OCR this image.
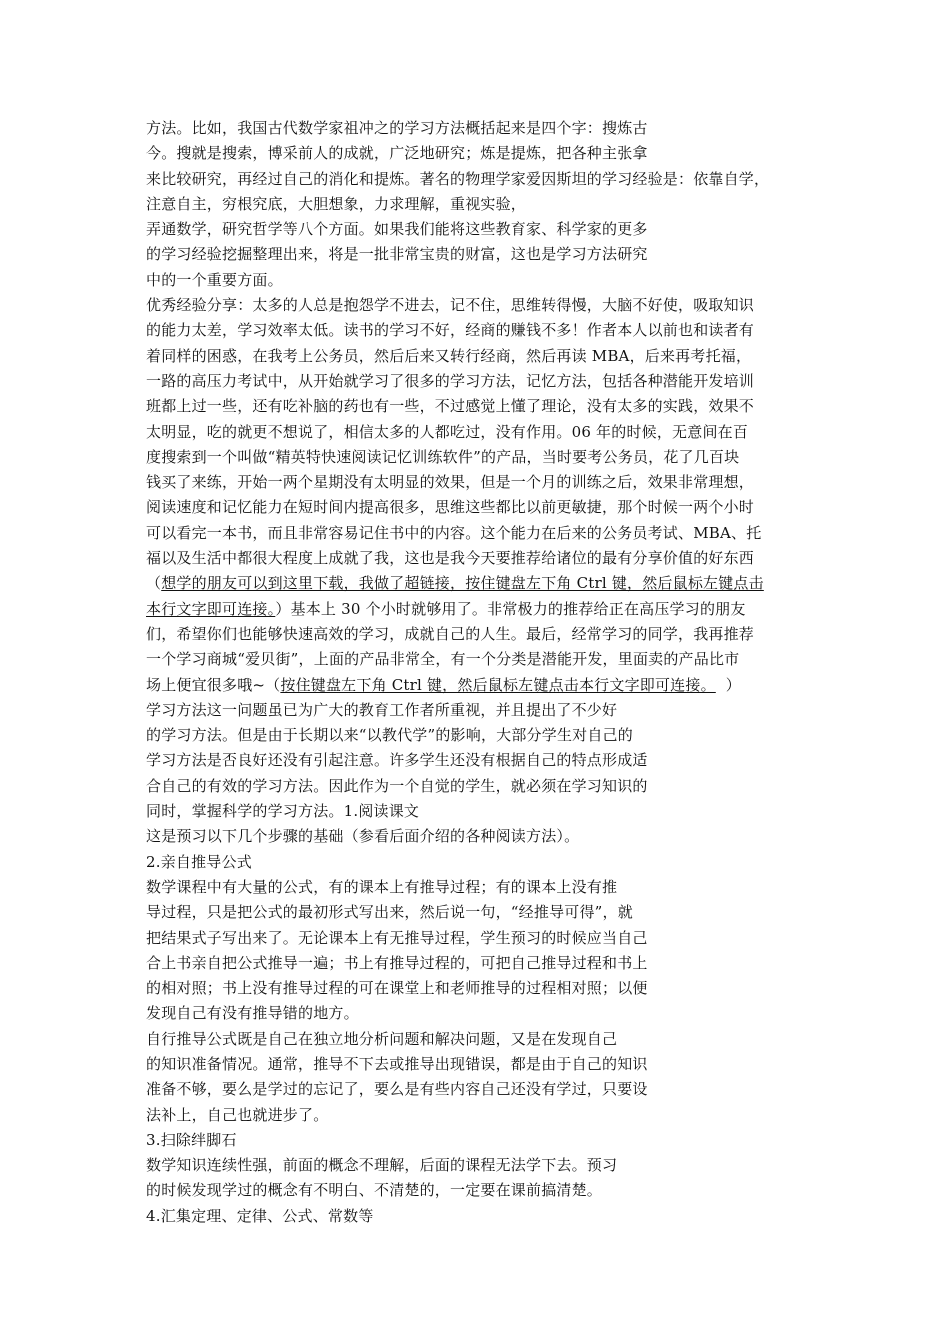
方法。比如，我国古代数学家祖冲之的学习方法概括起来是四个字：搜炼古
今。搜就是搜索，博采前人的成就，广泛地研究；炼是提炼，把各种主张拿
来比较研究，再经过自己的消化和提炼。著名的物理学家爱因斯坦的学习经验是：依靠自学，
注意自主，穷根究底，大胆想象，力求理解，重视实验，
弄通数学，研究哲学等八个方面。如果我们能将这些教育家、科学家的更多
的学习经验挖掘整理出来，将是一批非常宝贵的财富，这也是学习方法研究
中的一个重要方面。
优秀经验分享：太多的人总是抱怨学不进去，记不住，思维转得慢，大脑不好使，吸取知识
的能力太差，学习效率太低。读书的学习不好，经商的赚钱不多！作者本人以前也和读者有
着同样的困惑，在我考上公务员，然后后来又转行经商，然后再读 MBA，后来再考托福，
一路的高压力考试中，从开始就学习了很多的学习方法，记忆方法，包括各种潜能开发培训
班都上过一些，还有吃补脑的药也有一些，不过感觉上懂了理论，没有太多的实践，效果不
太明显，吃的就更不想说了，相信太多的人都吃过，没有作用。06 年的时候，无意间在百
度搜索到一个叫做“精英特快速阅读记忆训练软件”的产品，当时要考公务员，花了几百块
钱买了来练，开始一两个星期没有太明显的效果，但是一个月的训练之后，效果非常理想，
阅读速度和记忆能力在短时间内提高很多，思维这些都比以前更敏捷，那个时候一两个小时
可以看完一本书，而且非常容易记住书中的内容。这个能力在后来的公务员考试、MBA、托
福以及生活中都很大程度上成就了我，这也是我今天要推荐给诸位的最有分享价值的好东西
（想学的朋友可以到这里下载，我做了超链接，按住键盘左下角 Ctrl 键，然后鼠标左键点击
本行文字即可连接。）基本上 30 个小时就够用了。非常极力的推荐给正在高压学习的朋友
们，希望你们也能够快速高效的学习，成就自己的人生。最后，经常学习的同学，我再推荐
一个学习商城“爱贝街”，上面的产品非常全，有一个分类是潜能开发，里面卖的产品比市
场上便宜很多哦~（按住键盘左下角 Ctrl 键，然后鼠标左键点击本行文字即可连接。  ）
学习方法这一问题虽已为广大的教育工作者所重视，并且提出了不少好
的学习方法。但是由于长期以来“以教代学”的影响，大部分学生对自己的
学习方法是否良好还没有引起注意。许多学生还没有根据自己的特点形成适
合自己的有效的学习方法。因此作为一个自觉的学生，就必须在学习知识的
同时，掌握科学的学习方法。1.阅读课文
这是预习以下几个步骤的基础（参看后面介绍的各种阅读方法）。
2.亲自推导公式
数学课程中有大量的公式，有的课本上有推导过程；有的课本上没有推
导过程，只是把公式的最初形式写出来，然后说一句，“经推导可得”，就
把结果式子写出来了。无论课本上有无推导过程，学生预习的时候应当自己
合上书亲自把公式推导一遍；书上有推导过程的，可把自己推导过程和书上
的相对照；书上没有推导过程的可在课堂上和老师推导的过程相对照；以便
发现自己有没有推导错的地方。
自行推导公式既是自己在独立地分析问题和解决问题，又是在发现自己
的知识准备情况。通常，推导不下去或推导出现错误，都是由于自己的知识
准备不够，要么是学过的忘记了，要么是有些内容自己还没有学过，只要设
法补上，自己也就进步了。
3.扫除绊脚石
数学知识连续性强，前面的概念不理解，后面的课程无法学下去。预习
的时候发现学过的概念有不明白、不清楚的，一定要在课前搞清楚。
4.汇集定理、定律、公式、常数等
